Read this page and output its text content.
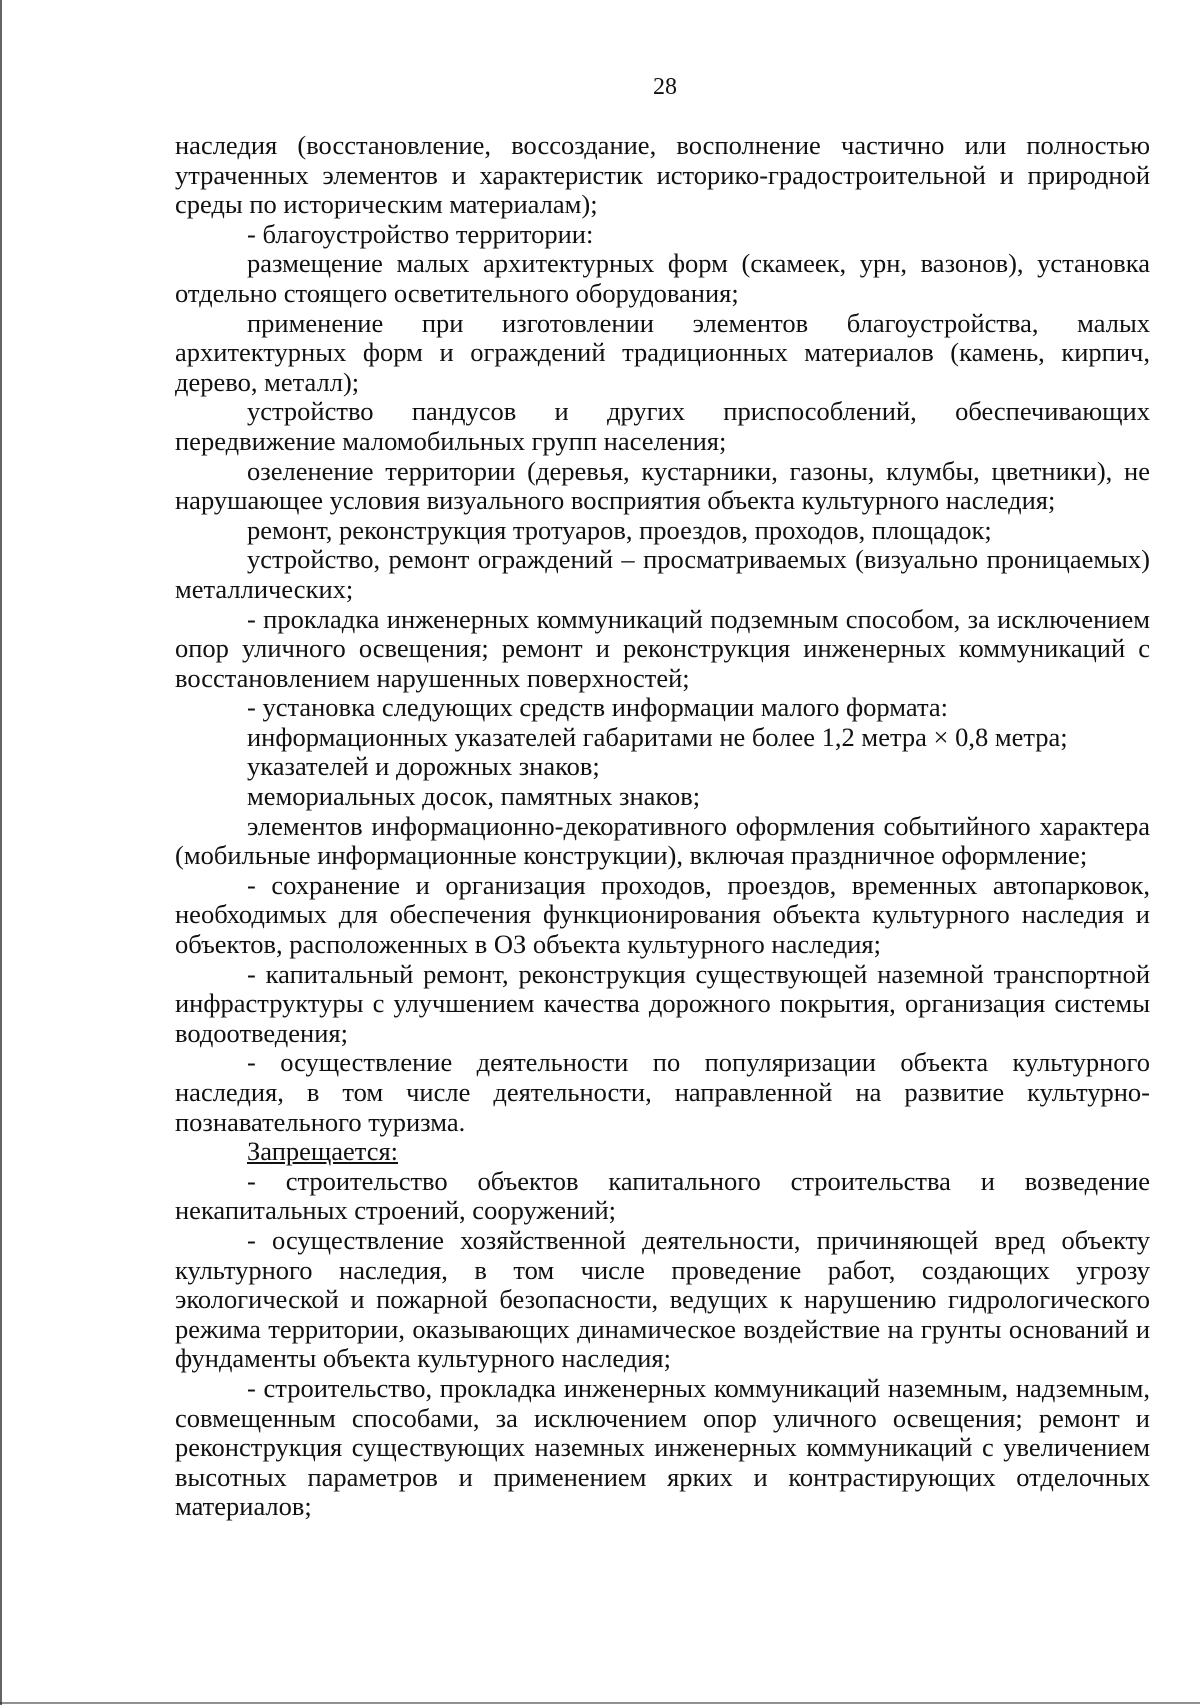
28

наследия (восстановление, воссоздание, восполнение частично или полностью утраченных элементов и характеристик историко-градостроительной и природной среды по историческим материалам);

- благоустройство территории:

размещение малых архитектурных форм (скамеек, урн, вазонов), установка отдельно стоящего осветительного оборудования;

применение при изготовлении элементов благоустройства, малых архитектурных форм и ограждений традиционных материалов (камень, кирпич, дерево, металл);

устройство пандусов и других приспособлений, обеспечивающих передвижение маломобильных групп населения;

озеленение территории (деревья, кустарники, газоны, клумбы, цветники), не нарушающее условия визуального восприятия объекта культурного наследия;

ремонт, реконструкция тротуаров, проездов, проходов, площадок;

устройство, ремонт ограждений – просматриваемых (визуально проницаемых) металлических;

- прокладка инженерных коммуникаций подземным способом, за исключением опор уличного освещения; ремонт и реконструкция инженерных коммуникаций с восстановлением нарушенных поверхностей;

- установка следующих средств информации малого формата:

информационных указателей габаритами не более 1,2 метра × 0,8 метра;

указателей и дорожных знаков;

мемориальных досок, памятных знаков;

элементов информационно-декоративного оформления событийного характера (мобильные информационные конструкции), включая праздничное оформление;

- сохранение и организация проходов, проездов, временных автопарковок, необходимых для обеспечения функционирования объекта культурного наследия и объектов, расположенных в ОЗ объекта культурного наследия;

- капитальный ремонт, реконструкция существующей наземной транспортной инфраструктуры с улучшением качества дорожного покрытия, организация системы водоотведения;

- осуществление деятельности по популяризации объекта культурного наследия, в том числе деятельности, направленной на развитие культурно-познавательного туризма.

Запрещается:

- строительство объектов капитального строительства и возведение некапитальных строений, сооружений;

- осуществление хозяйственной деятельности, причиняющей вред объекту культурного наследия, в том числе проведение работ, создающих угрозу экологической и пожарной безопасности, ведущих к нарушению гидрологического режима территории, оказывающих динамическое воздействие на грунты оснований и фундаменты объекта культурного наследия;

- строительство, прокладка инженерных коммуникаций наземным, надземным, совмещенным способами, за исключением опор уличного освещения; ремонт и реконструкция существующих наземных инженерных коммуникаций с увеличением высотных параметров и применением ярких и контрастирующих отделочных материалов;
